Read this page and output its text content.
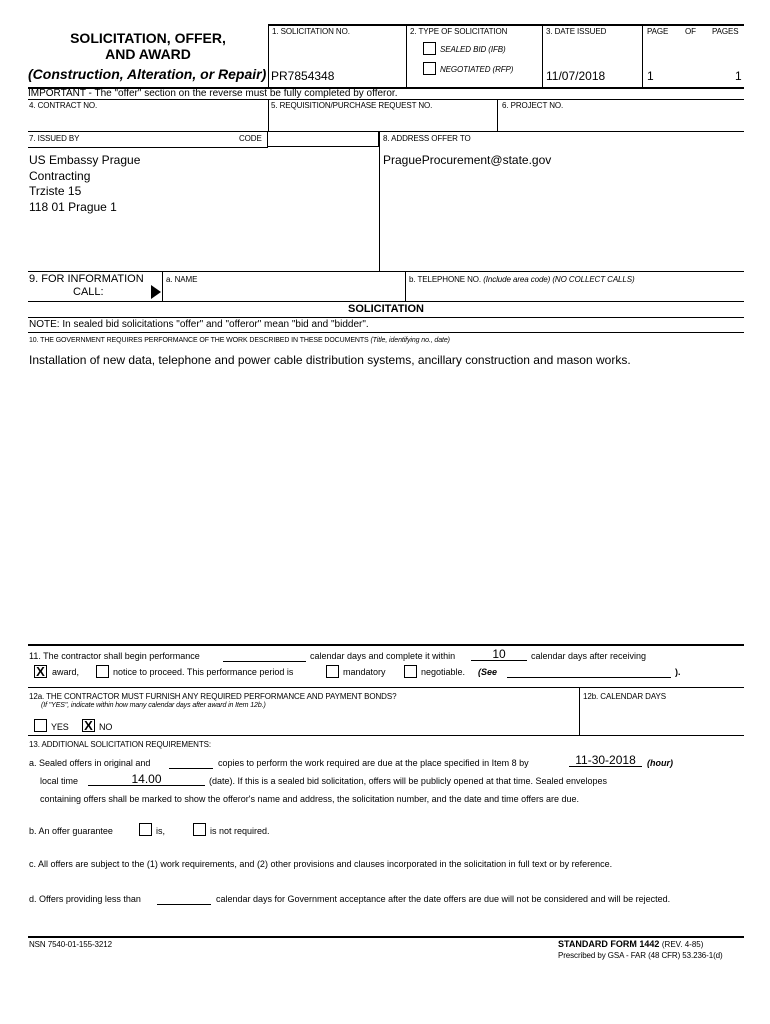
SOLICITATION, OFFER,
AND AWARD
(Construction, Alteration, or Repair)
1. SOLICITATION NO.
PR7854348
2. TYPE OF SOLICITATION
SEALED BID (IFB)
NEGOTIATED (RFP)
3. DATE ISSUED
11/07/2018
PAGE OF PAGES
1	1
IMPORTANT - The "offer" section on the reverse must be fully completed by offeror.
4. CONTRACT NO.	5. REQUISITION/PURCHASE REQUEST NO.	6. PROJECT NO.
7. ISSUED BY	CODE	8. ADDRESS OFFER TO
US Embassy Prague
Contracting
Trziste 15
118 01 Prague 1
PragueProcurement@state.gov
9. FOR INFORMATION
CALL:
a. NAME	b. TELEPHONE NO. (Include area code) (NO COLLECT CALLS)
SOLICITATION
NOTE: In sealed bid solicitations "offer" and "offeror" mean "bid and "bidder".
10. THE GOVERNMENT REQUIRES PERFORMANCE OF THE WORK DESCRIBED IN THESE DOCUMENTS (Title, identifying no., date)
Installation of new data, telephone and power cable distribution systems, ancillary construction and mason works.
11. The contractor shall begin performance	calendar days and complete it within	10	calendar days after receiving
X award,	notice to proceed. This performance period is	mandatory	negotiable. (See	).
12a. THE CONTRACTOR MUST FURNISH ANY REQUIRED PERFORMANCE AND PAYMENT BONDS?
(If "YES", indicate within how many calendar days after award in Item 12b.)
YES X NO
12b. CALENDAR DAYS
13. ADDITIONAL SOLICITATION REQUIREMENTS:
a. Sealed offers in original and	copies to perform the work required are due at the place specified in Item 8 by	11-30-2018	(hour)
local time	14.00	(date). If this is a sealed bid solicitation, offers will be publicly opened at that time. Sealed envelopes
containing offers shall be marked to show the offeror's name and address, the solicitation number, and the date and time offers are due.
b. An offer guarantee	is,	is not required.
c. All offers are subject to the (1) work requirements, and (2) other provisions and clauses incorporated in the solicitation in full text or by reference.
d. Offers providing less than	calendar days for Government acceptance after the date offers are due will not be considered and will be rejected.
NSN 7540-01-155-3212	STANDARD FORM 1442 (REV. 4-85)
Prescribed by GSA - FAR (48 CFR) 53.236-1(d)
